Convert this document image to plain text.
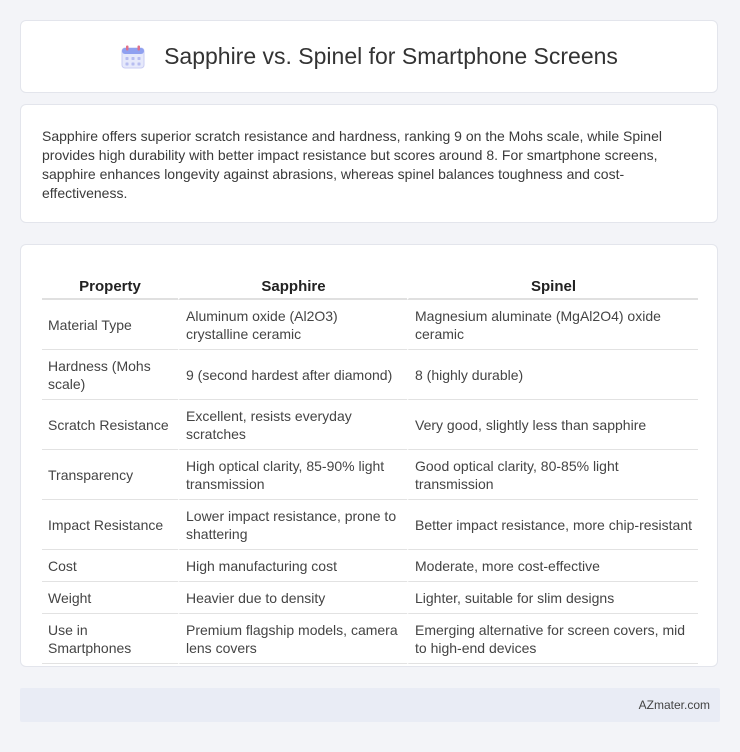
Sapphire vs. Spinel for Smartphone Screens

Sapphire offers superior scratch resistance and hardness, ranking 9 on the Mohs scale, while Spinel provides high durability with better impact resistance but scores around 8. For smartphone screens, sapphire enhances longevity against abrasions, whereas spinel balances toughness and cost-effectiveness.

Property	Sapphire	Spinel
Material Type	Aluminum oxide (Al2O3) crystalline ceramic	Magnesium aluminate (MgAl2O4) oxide ceramic
Hardness (Mohs scale)	9 (second hardest after diamond)	8 (highly durable)
Scratch Resistance	Excellent, resists everyday scratches	Very good, slightly less than sapphire
Transparency	High optical clarity, 85-90% light transmission	Good optical clarity, 80-85% light transmission
Impact Resistance	Lower impact resistance, prone to shattering	Better impact resistance, more chip-resistant
Cost	High manufacturing cost	Moderate, more cost-effective
Weight	Heavier due to density	Lighter, suitable for slim designs
Use in Smartphones	Premium flagship models, camera lens covers	Emerging alternative for screen covers, mid to high-end devices
AZmater.com
